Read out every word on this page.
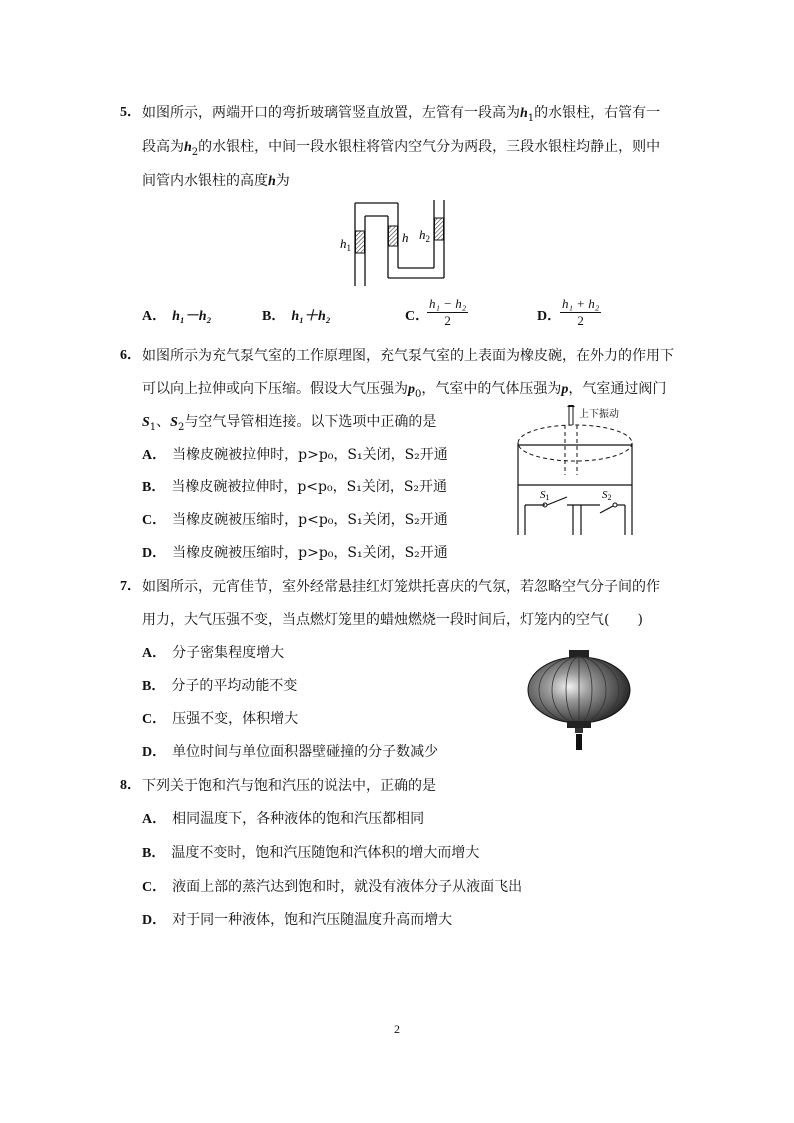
5． 如图所示，两端开口的弯折玻璃管竖直放置，左管有一段高为$h_1$的水银柱，右管有一
段高为$h_2$的水银柱，中间一段水银柱将管内空气分为两段，三段水银柱均静止，则中
间管内水银柱的高度h为
$h_1$
h $h_2$
A． h₁－h₂	B． h₁＋h₂	C．
$\frac{\text{h₁ − h₂}}{2}$	D．
$\frac{\text{h₁ + h₂}}{2}$
6． 如图所示为充气泵气室的工作原理图，充气泵气室的上表面为橡皮碗，在外力的作用下
可以向上拉伸或向下压缩。假设大气压强为$p_0$，气室中的气体压强为p，气室通过阀门
$S_1$、$S_2$与空气导管相连接。以下选项中正确的是
A． 当橡皮碗被拉伸时，p>p₀，S₁关闭，S₂开通
B． 当橡皮碗被拉伸时，p<p₀，S₁关闭，S₂开通
C． 当橡皮碗被压缩时，p<p₀，S₁关闭，S₂开通
D． 当橡皮碗被压缩时，p>p₀，S₁关闭，S₂开通
上下振动
S1	S2
7． 如图所示，元宵佳节，室外经常悬挂红灯笼烘托喜庆的气氛，若忽略空气分子间的作
用力，大气压强不变，当点燃灯笼里的蜡烛燃烧一段时间后，灯笼内的空气(　　)
A． 分子密集程度增大
B． 分子的平均动能不变
C． 压强不变，体积增大
D． 单位时间与单位面积器壁碰撞的分子数减少
8． 下列关于饱和汽与饱和汽压的说法中，正确的是
A． 相同温度下，各种液体的饱和汽压都相同
B． 温度不变时，饱和汽压随饱和汽体积的增大而增大
C． 液面上部的蒸汽达到饱和时，就没有液体分子从液面飞出
D． 对于同一种液体，饱和汽压随温度升高而增大
2
